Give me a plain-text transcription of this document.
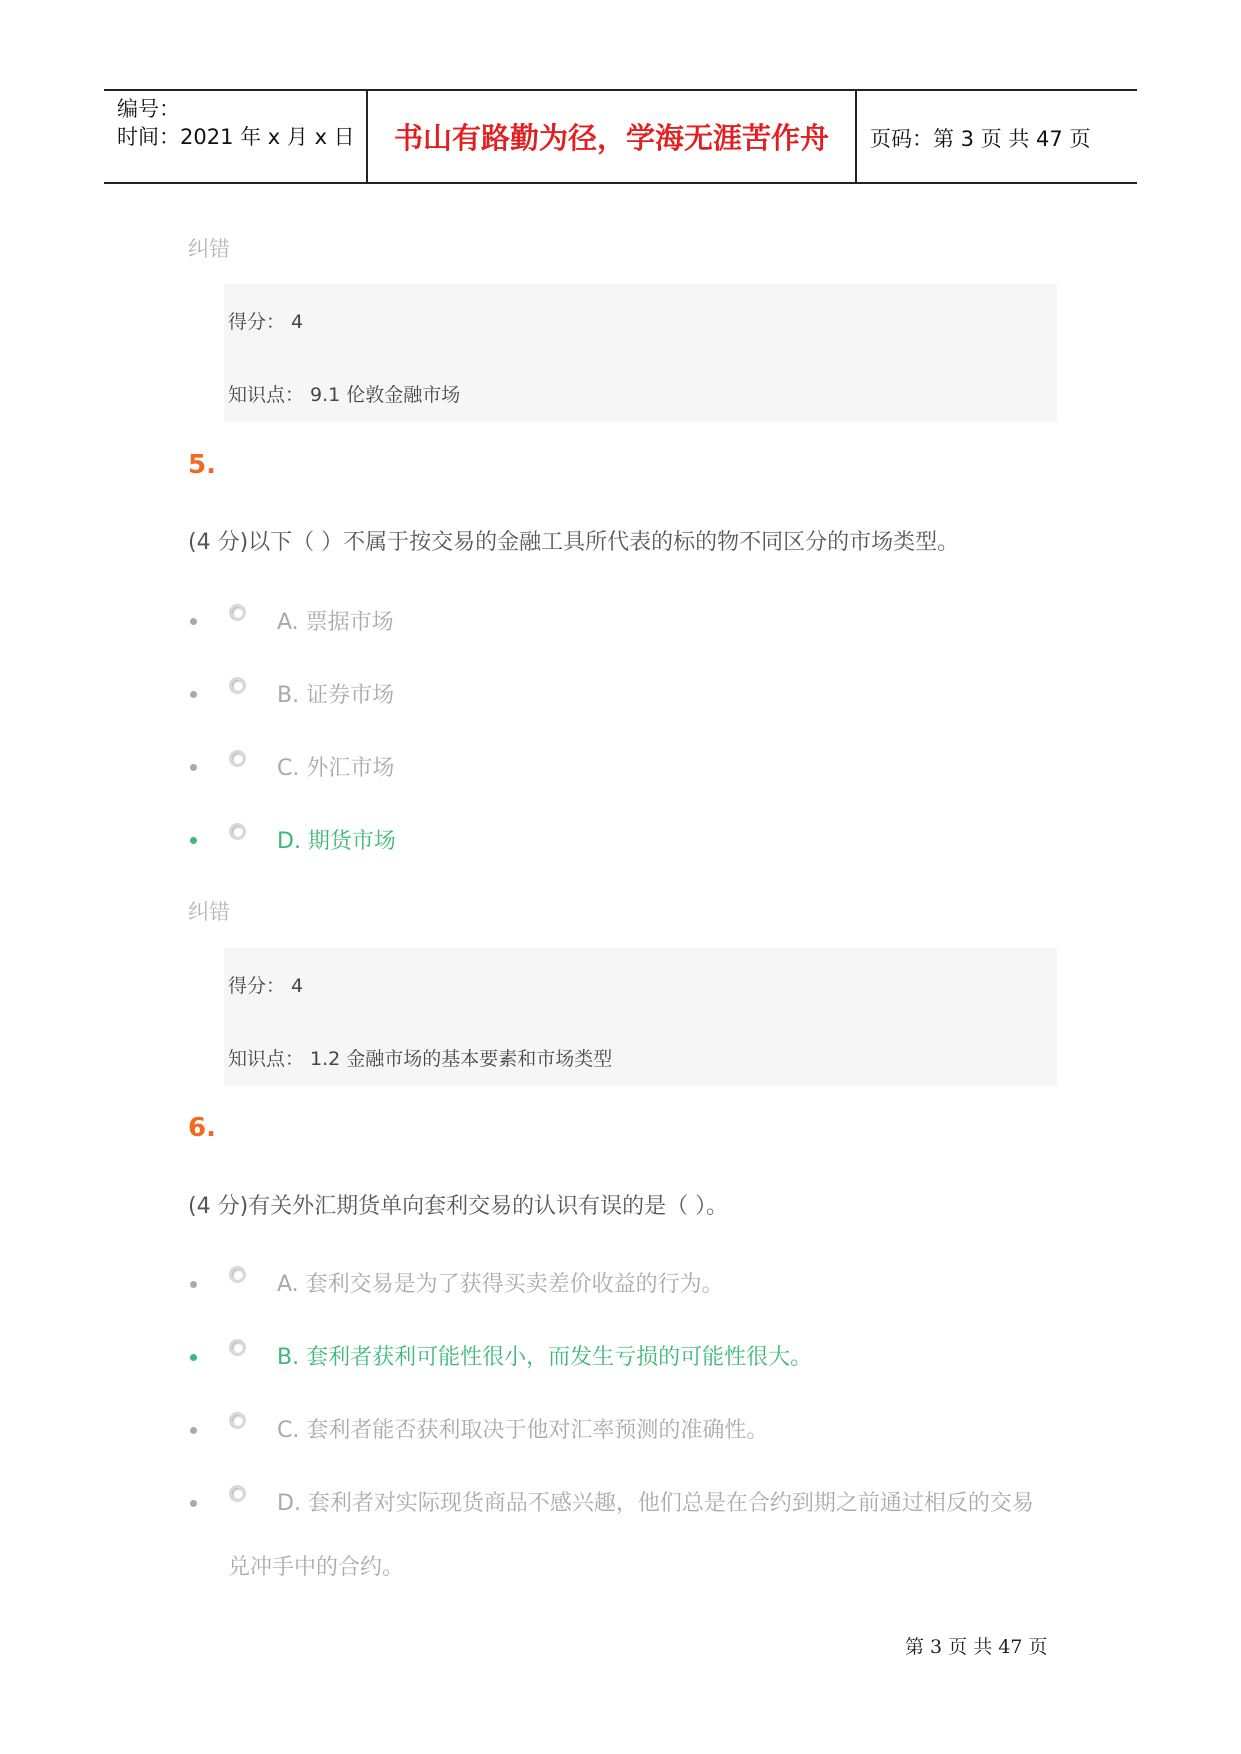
编号：
时间：2021 年 x 月 x 日	书山有路勤为径，学海无涯苦作舟	页码：第 3 页 共 47 页
纠错
得分： 4
知识点： 9.1 伦敦金融市场
5.
(4 分)以下（ ）不属于按交易的金融工具所代表的标的物不同区分的市场类型。
A. 票据市场
B. 证券市场
C. 外汇市场
D. 期货市场
纠错
得分： 4
知识点： 1.2 金融市场的基本要素和市场类型
6.
(4 分)有关外汇期货单向套利交易的认识有误的是（ ）。
A. 套利交易是为了获得买卖差价收益的行为。
B. 套利者获利可能性很小，而发生亏损的可能性很大。
C. 套利者能否获利取决于他对汇率预测的准确性。
D. 套利者对实际现货商品不感兴趣，他们总是在合约到期之前通过相反的交易
兑冲手中的合约。
第 3 页 共 47 页
